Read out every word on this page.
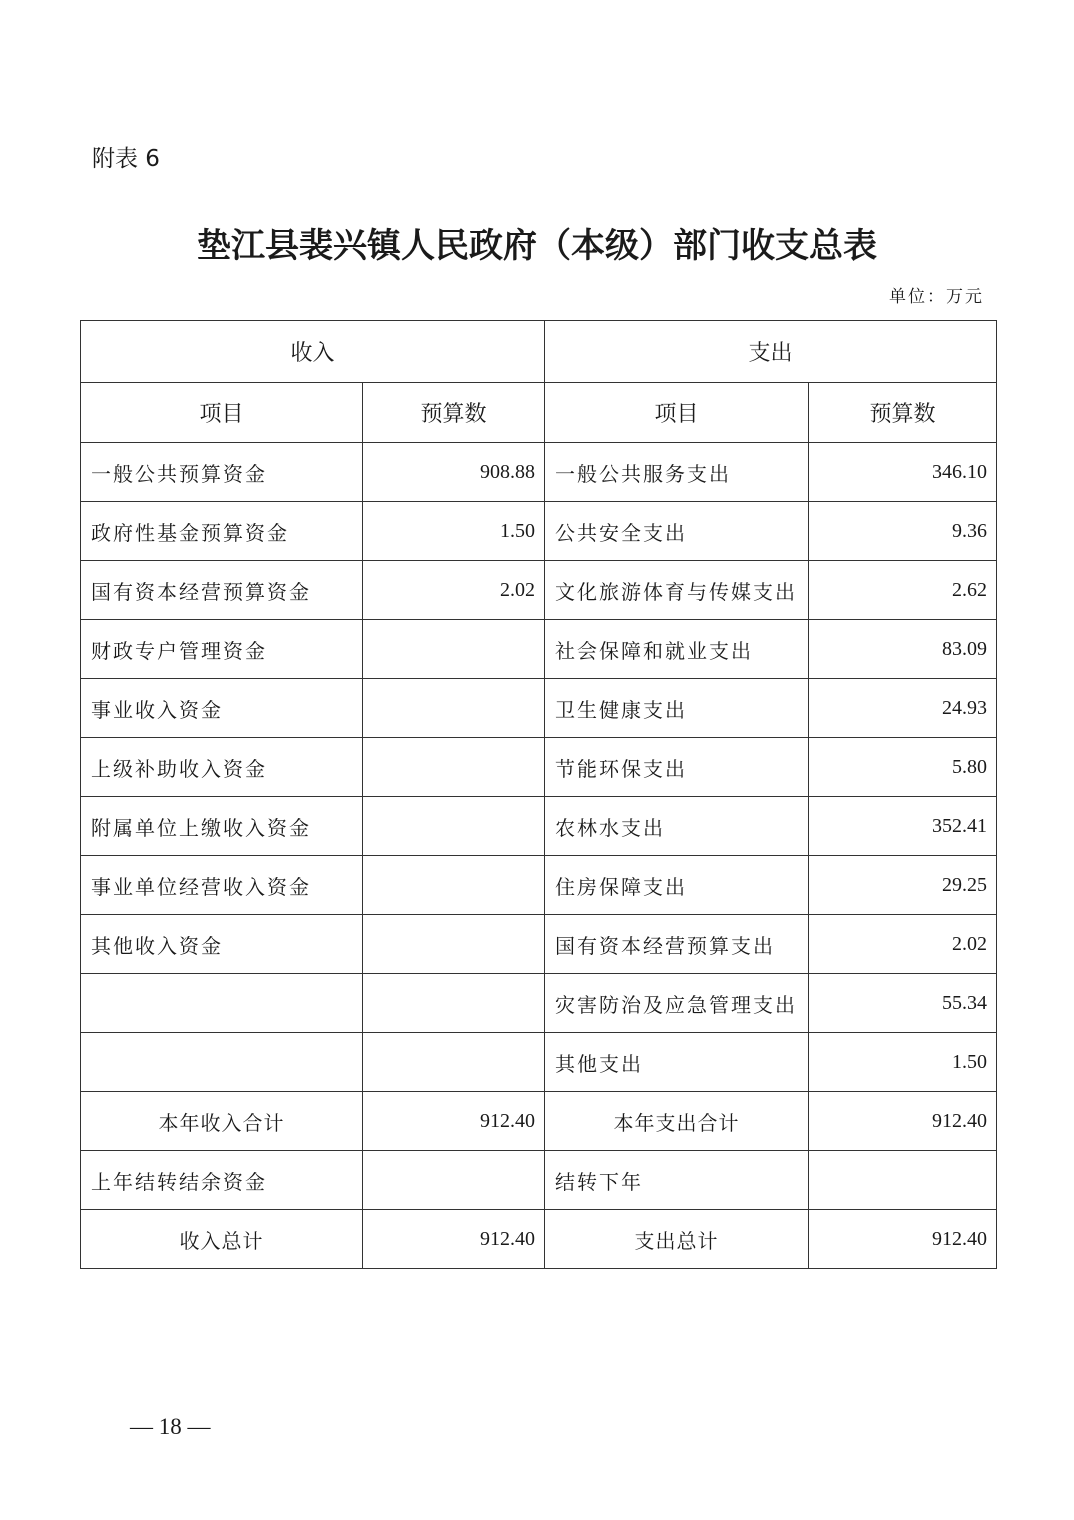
附表 6
垫江县裴兴镇人民政府（本级）部门收支总表
单位：万元
收入		支出	
项目	预算数	项目	预算数
一般公共预算资金	908.88	一般公共服务支出	346.10
政府性基金预算资金	1.50	公共安全支出	9.36
国有资本经营预算资金	2.02	文化旅游体育与传媒支出	2.62
财政专户管理资金		社会保障和就业支出	83.09
事业收入资金		卫生健康支出	24.93
上级补助收入资金		节能环保支出	5.80
附属单位上缴收入资金		农林水支出	352.41
事业单位经营收入资金		住房保障支出	29.25
其他收入资金		国有资本经营预算支出	2.02
		灾害防治及应急管理支出	55.34
		其他支出	1.50
本年收入合计	912.40	本年支出合计	912.40
上年结转结余资金		结转下年	
收入总计	912.40	支出总计	912.40
— 18 —
